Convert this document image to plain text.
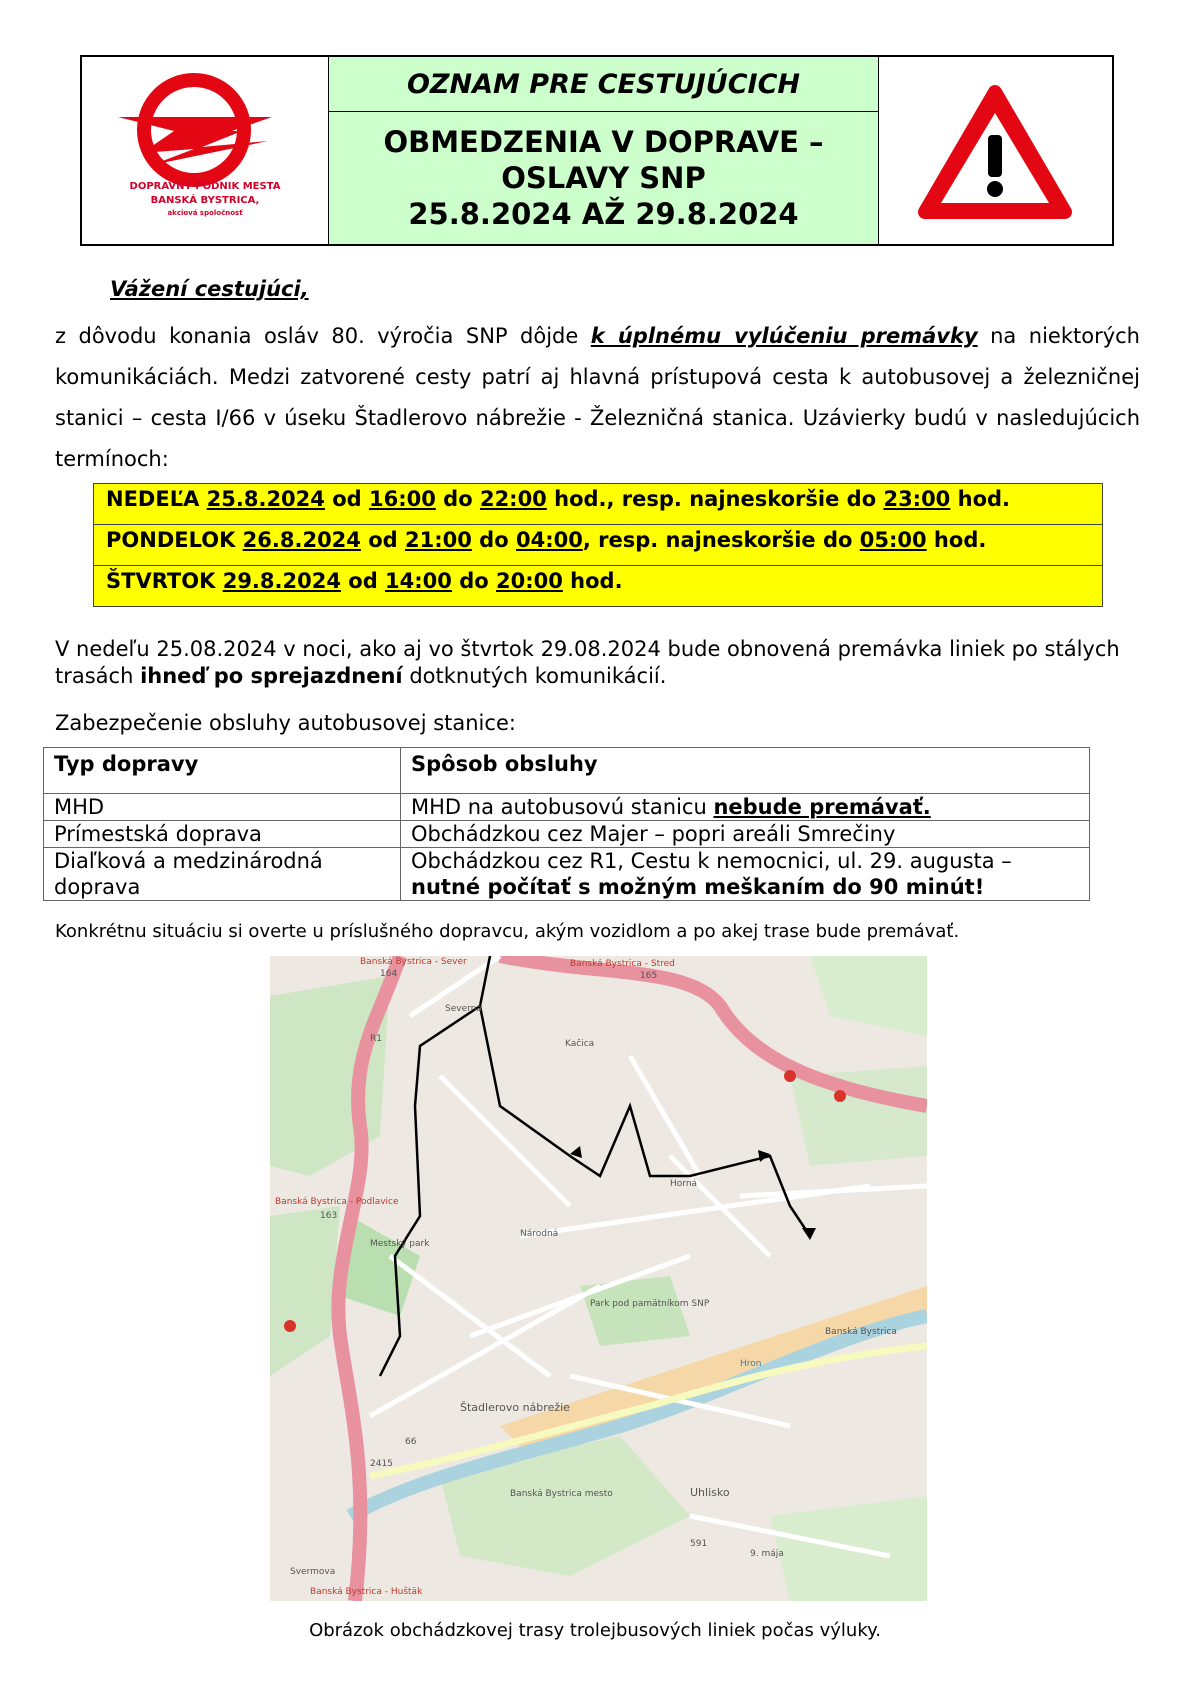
DOPRAVNÝ PODNIK MESTA
BANSKÁ BYSTRICA,
akciová spoločnosť
OZNAM PRE CESTUJÚCICH
OBMEDZENIA V DOPRAVE –
OSLAVY SNP
25.8.2024 AŽ 29.8.2024
Vážení cestujúci,
z dôvodu konania osláv 80. výročia SNP dôjde k úplnému vylúčeniu premávky na niektorých komunikáciách. Medzi zatvorené cesty patrí aj hlavná prístupová cesta k autobusovej a železničnej stanici – cesta I/66 v úseku Štadlerovo nábrežie - Železničná stanica. Uzávierky budú v nasledujúcich termínoch:
NEDEĽA 25.8.2024 od 16:00 do 22:00 hod., resp. najneskoršie do 23:00 hod.
PONDELOK 26.8.2024 od 21:00 do 04:00, resp. najneskoršie do 05:00 hod.
ŠTVRTOK 29.8.2024 od 14:00 do 20:00 hod.
V nedeľu 25.08.2024 v noci, ako aj vo štvrtok 29.08.2024 bude obnovená premávka liniek po stálych trasách ihneď po sprejazdnení dotknutých komunikácií.
Zabezpečenie obsluhy autobusovej stanice:
Typ dopravy	Spôsob obsluhy
MHD	MHD na autobusovú stanicu nebude premávať.
Prímestská doprava	Obchádzkou cez Majer – popri areáli Smrečiny
Diaľková a medzinárodná doprava	Obchádzkou cez R1, Cestu k nemocnici, ul. 29. augusta –
nutné počítať s možným meškaním do 90 minút!
Konkrétnu situáciu si overte u príslušného dopravcu, akým vozidlom a po akej trase bude premávať.
Banská Bystrica - Sever	Banská Bystrica - Stred
Banská Bystrica - Podlavice
Banská Bystrica - Huštäk
Banská Bystrica
Banská Bystrica mesto
Štadlerovo nábrežie
Park pod pamätníkom SNP
Mestský park
Uhlisko
Kačica
Horná
Národná
Severná
Svermova
9. mája
R1
66
591
2415
163
164	165
Hron
Obrázok obchádzkovej trasy trolejbusových liniek počas výluky.
